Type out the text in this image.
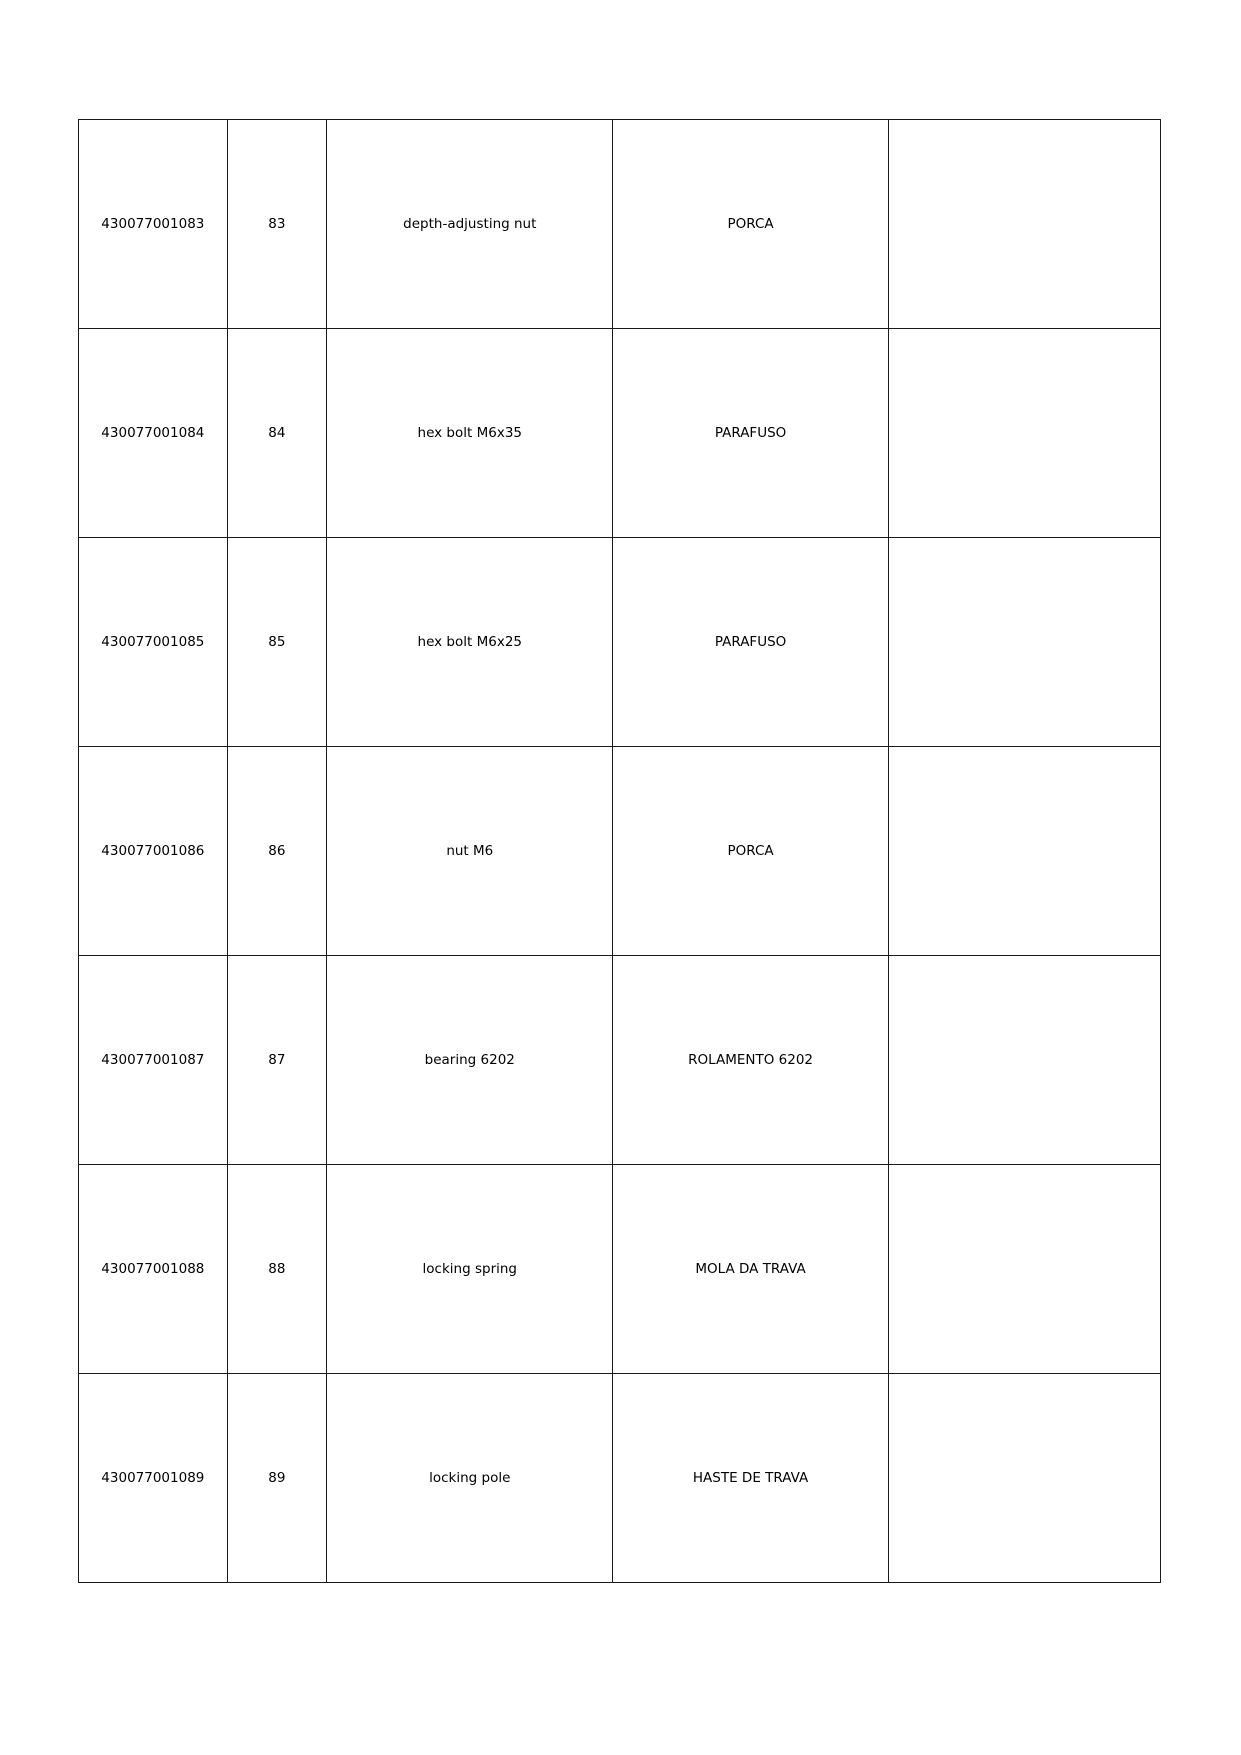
430077001083	83	depth-adjusting nut	PORCA	
430077001084	84	hex bolt M6x35	PARAFUSO	
430077001085	85	hex bolt M6x25	PARAFUSO	
430077001086	86	nut M6	PORCA	
430077001087	87	bearing 6202	ROLAMENTO 6202	
430077001088	88	locking spring	MOLA DA TRAVA	
430077001089	89	locking pole	HASTE DE TRAVA	
